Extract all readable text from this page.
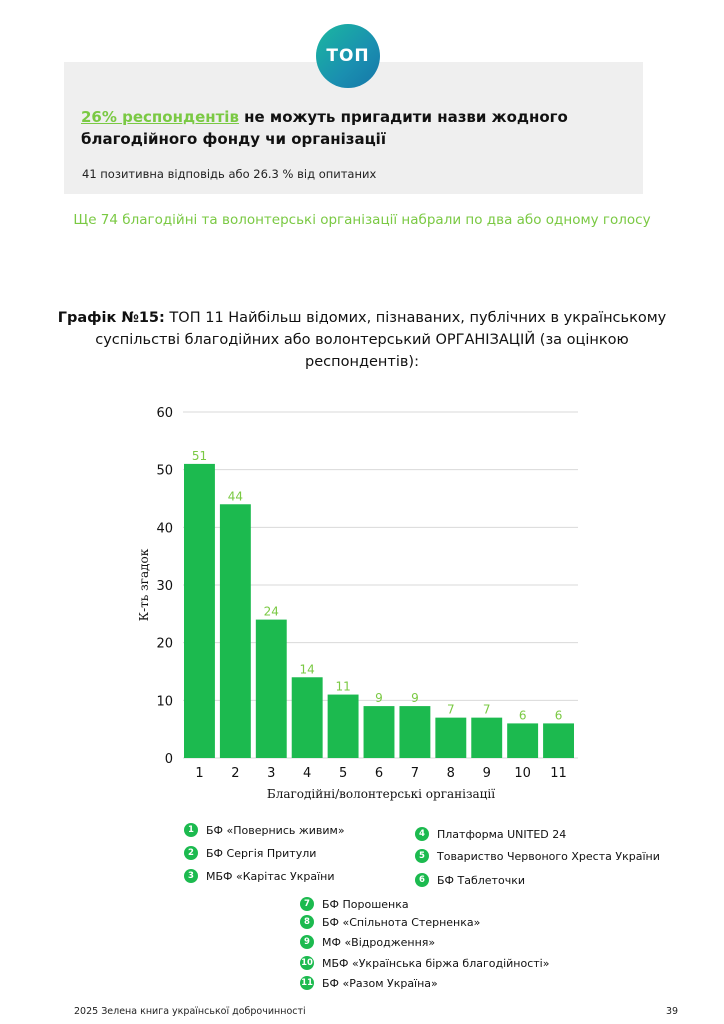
ТОП
26% респондентів не можуть пригадити назви жодного благодійного фонду чи організації
41 позитивна відповідь або 26.3 % від опитаних
Ще 74 благодійні та волонтерські організації набрали по два або одному голосу
Графік №15: ТОП 11 Найбільш відомих, пізнаваних, публічних в українському суспільстві благодійних або волонтерський ОРГАНІЗАЦІЙ (за оцінкою респондентів):
0
10
20
30
40
50
60
51
1
44
2
24
3
14
4
11
5
9
6
9
7
7
8
7
9
6
10
6
11
К-ть згадок
Благодійні/волонтерські організації
1	БФ «Повернись живим»
2	БФ Сергія Притули
3	МБФ «Карітас України
4	Платформа UNITED 24
5	Товариство Червоного Хреста України
6	БФ Таблеточки
7	БФ Порошенка
8	БФ «Спільнота Стерненка»
9	МФ «Відродження»
10 МБФ «Українська біржа благодійності»
11 БФ «Разом Україна»
2025 Зелена книга української доброчинності	39
